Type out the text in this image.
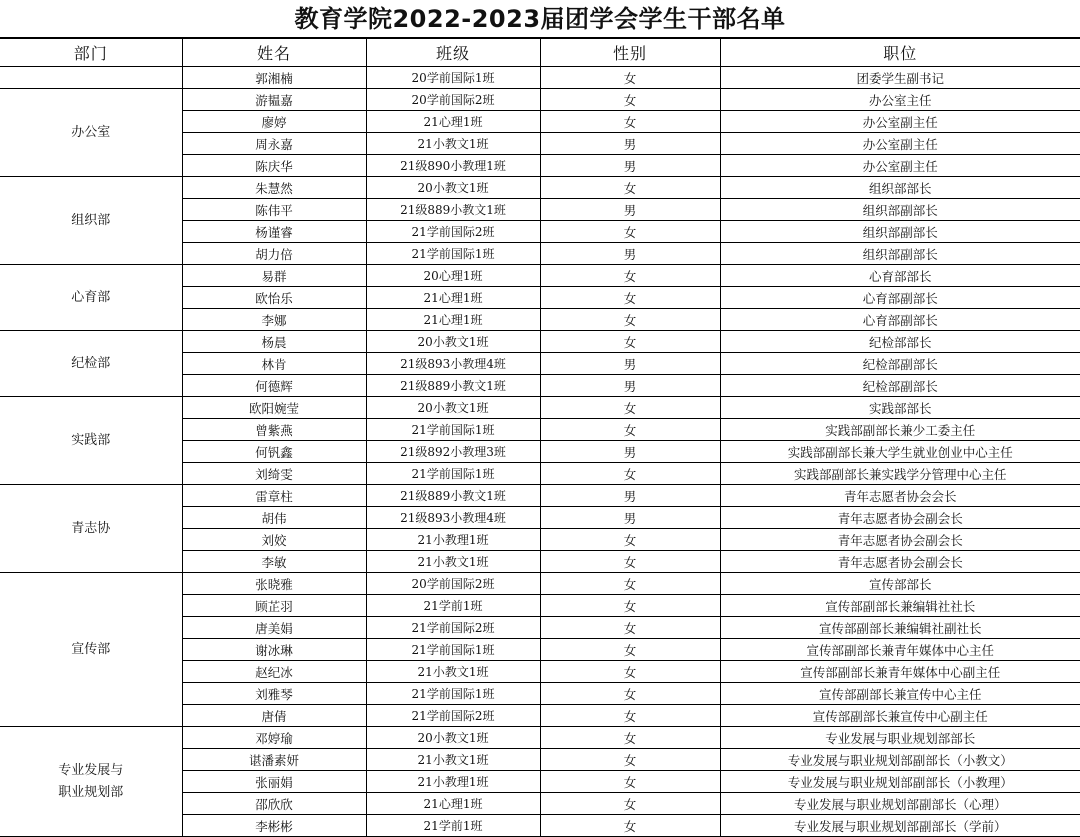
教育学院2022-2023届团学会学生干部名单
部门	姓名	班级	性别	职位
	郭湘楠	20学前国际1班	女	团委学生副书记
办公室	游韫嘉	20学前国际2班	女	办公室主任
	廖婷	21心理1班	女	办公室副主任
	周永嘉	21小教文1班	男	办公室副主任
	陈庆华	21级890小教理1班	男	办公室副主任
组织部	朱慧然	20小教文1班	女	组织部部长
	陈伟平	21级889小教文1班	男	组织部副部长
	杨谨睿	21学前国际2班	女	组织部副部长
	胡力倍	21学前国际1班	男	组织部副部长
心育部	易群	20心理1班	女	心育部部长
	欧怡乐	21心理1班	女	心育部副部长
	李娜	21心理1班	女	心育部副部长
纪检部	杨晨	20小教文1班	女	纪检部部长
	林肯	21级893小教理4班	男	纪检部副部长
	何德辉	21级889小教文1班	男	纪检部副部长
实践部	欧阳婉莹	20小教文1班	女	实践部部长
	曾紫燕	21学前国际1班	女	实践部副部长兼少工委主任
	何钒鑫	21级892小教理3班	男	实践部副部长兼大学生就业创业中心主任
	刘绮雯	21学前国际1班	女	实践部副部长兼实践学分管理中心主任
青志协	雷章柱	21级889小教文1班	男	青年志愿者协会会长
	胡伟	21级893小教理4班	男	青年志愿者协会副会长
	刘姣	21小教理1班	女	青年志愿者协会副会长
	李敏	21小教文1班	女	青年志愿者协会副会长
宣传部	张晓雅	20学前国际2班	女	宣传部部长
	顾芷羽	21学前1班	女	宣传部副部长兼编辑社社长
	唐美娟	21学前国际2班	女	宣传部副部长兼编辑社副社长
	谢冰琳	21学前国际1班	女	宣传部副部长兼青年媒体中心主任
	赵纪冰	21小教文1班	女	宣传部副部长兼青年媒体中心副主任
	刘雅琴	21学前国际1班	女	宣传部副部长兼宣传中心主任
	唐倩	21学前国际2班	女	宣传部副部长兼宣传中心副主任
专业发展与
职业规划部	邓婷瑜	20小教文1班	女	专业发展与职业规划部部长
	谌潘素妍	21小教文1班	女	专业发展与职业规划部副部长（小教文）
	张丽娟	21小教理1班	女	专业发展与职业规划部副部长（小教理）
	邵欣欣	21心理1班	女	专业发展与职业规划部副部长（心理）
	李彬彬	21学前1班	女	专业发展与职业规划部副部长（学前）
